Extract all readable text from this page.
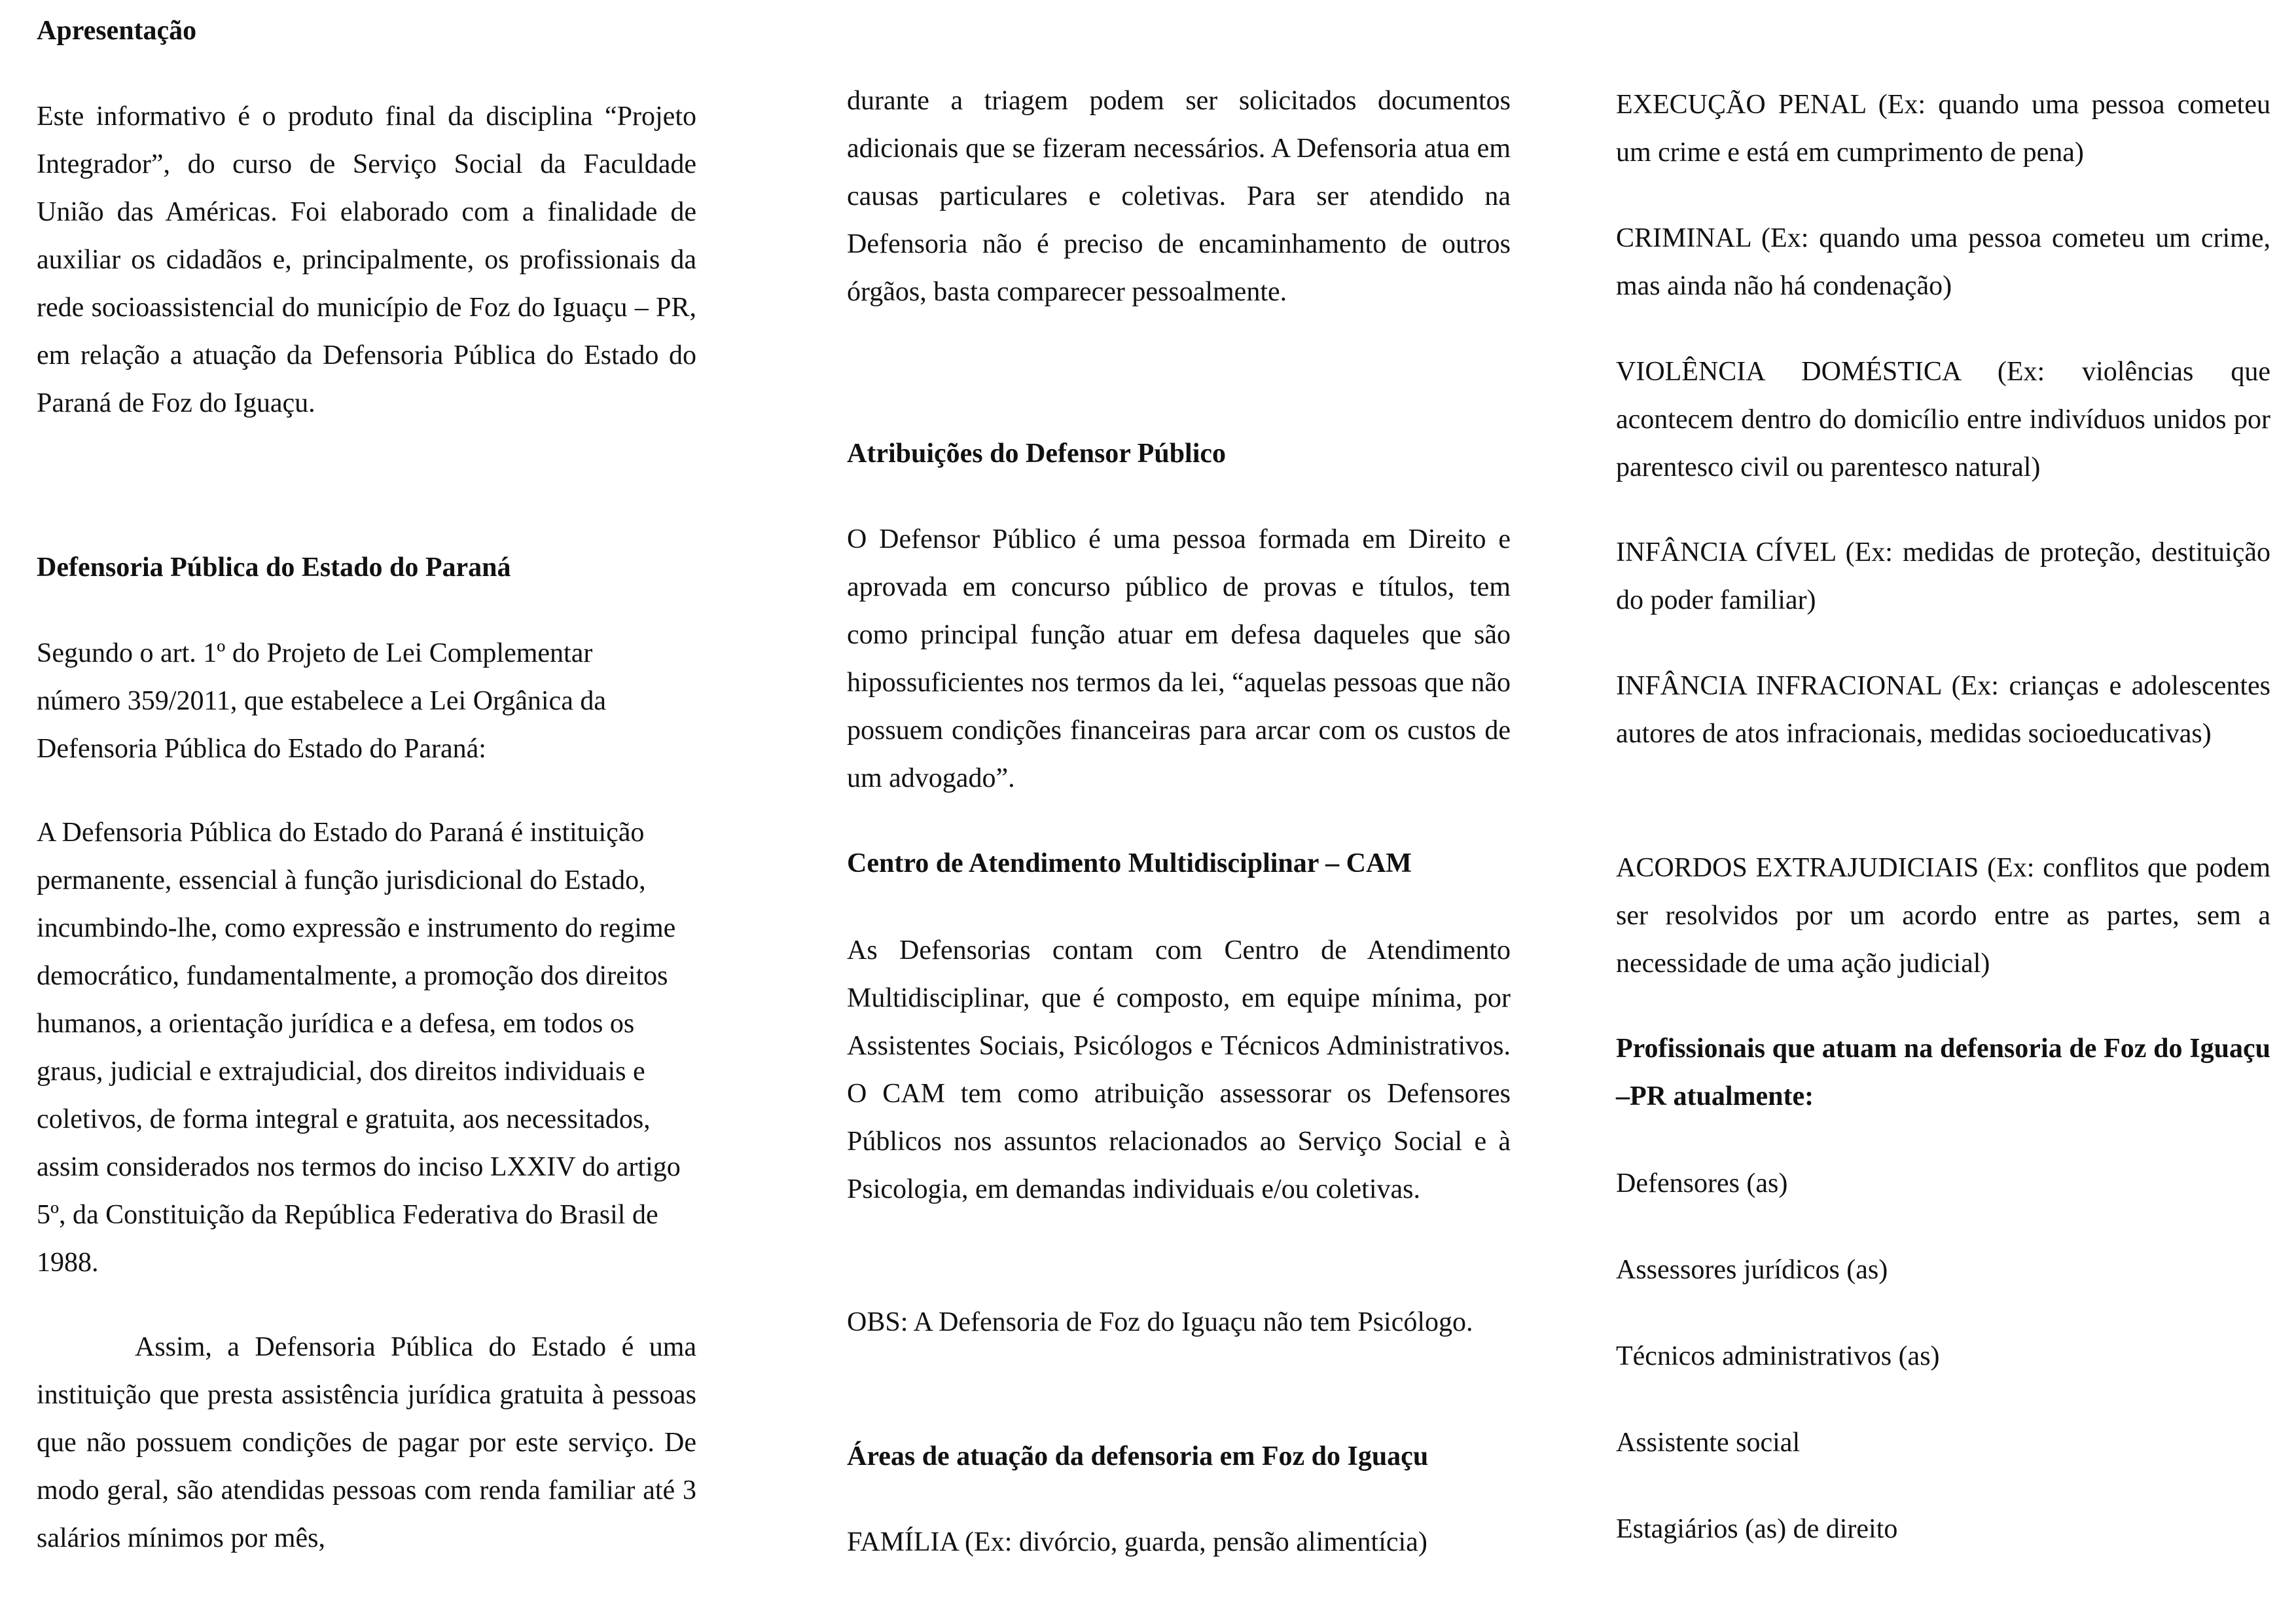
Apresentação
Este informativo é o produto final da disciplina “Projeto Integrador”, do curso de Serviço Social da Faculdade União das Américas. Foi elaborado com a finalidade de auxiliar os cidadãos e, principalmente, os profissionais da rede socioassistencial do município de Foz do Iguaçu – PR, em relação a atuação da Defensoria Pública do Estado do Paraná de Foz do Iguaçu.
Defensoria Pública do Estado do Paraná
Segundo o art. 1º do Projeto de Lei Complementar número 359/2011, que estabelece a Lei Orgânica da Defensoria Pública do Estado do Paraná:
A Defensoria Pública do Estado do Paraná é instituição permanente, essencial à função jurisdicional do Estado, incumbindo-lhe, como expressão e instrumento do regime democrático, fundamentalmente, a promoção dos direitos humanos, a orientação jurídica e a defesa, em todos os graus, judicial e extrajudicial, dos direitos individuais e coletivos, de forma integral e gratuita, aos necessitados, assim considerados nos termos do inciso LXXIV do artigo 5º, da Constituição da República Federativa do Brasil de 1988.
Assim, a Defensoria Pública do Estado é uma instituição que presta assistência jurídica gratuita à pessoas que não possuem condições de pagar por este serviço. De modo geral, são atendidas pessoas com renda familiar até 3 salários mínimos por mês,
durante a triagem podem ser solicitados documentos adicionais que se fizeram necessários. A Defensoria atua em causas particulares e coletivas. Para ser atendido na Defensoria não é preciso de encaminhamento de outros órgãos, basta comparecer pessoalmente.
Atribuições do Defensor Público
O Defensor Público é uma pessoa formada em Direito e aprovada em concurso público de provas e títulos, tem como principal função atuar em defesa daqueles que são hipossuficientes nos termos da lei, “aquelas pessoas que não possuem condições financeiras para arcar com os custos de um advogado”.
Centro de Atendimento Multidisciplinar – CAM
As Defensorias contam com Centro de Atendimento Multidisciplinar, que é composto, em equipe mínima, por Assistentes Sociais, Psicólogos e Técnicos Administrativos. O CAM tem como atribuição assessorar os Defensores Públicos nos assuntos relacionados ao Serviço Social e à Psicologia, em demandas individuais e/ou coletivas.
OBS: A Defensoria de Foz do Iguaçu não tem Psicólogo.
Áreas de atuação da defensoria em Foz do Iguaçu
FAMÍLIA (Ex: divórcio, guarda, pensão alimentícia)
EXECUÇÃO PENAL (Ex: quando uma pessoa cometeu um crime e está em cumprimento de pena)
CRIMINAL (Ex: quando uma pessoa cometeu um crime, mas ainda não há condenação)
VIOLÊNCIA DOMÉSTICA (Ex: violências que acontecem dentro do domicílio entre indivíduos unidos por parentesco civil ou parentesco natural)
INFÂNCIA CÍVEL (Ex: medidas de proteção, destituição do poder familiar)
INFÂNCIA INFRACIONAL (Ex: crianças e adolescentes autores de atos infracionais, medidas socioeducativas)
ACORDOS EXTRAJUDICIAIS (Ex: conflitos que podem ser resolvidos por um acordo entre as partes, sem a necessidade de uma ação judicial)
Profissionais que atuam na defensoria de Foz do Iguaçu –PR atualmente:
Defensores (as)
Assessores jurídicos (as)
Técnicos administrativos (as)
Assistente social
Estagiários (as) de direito
